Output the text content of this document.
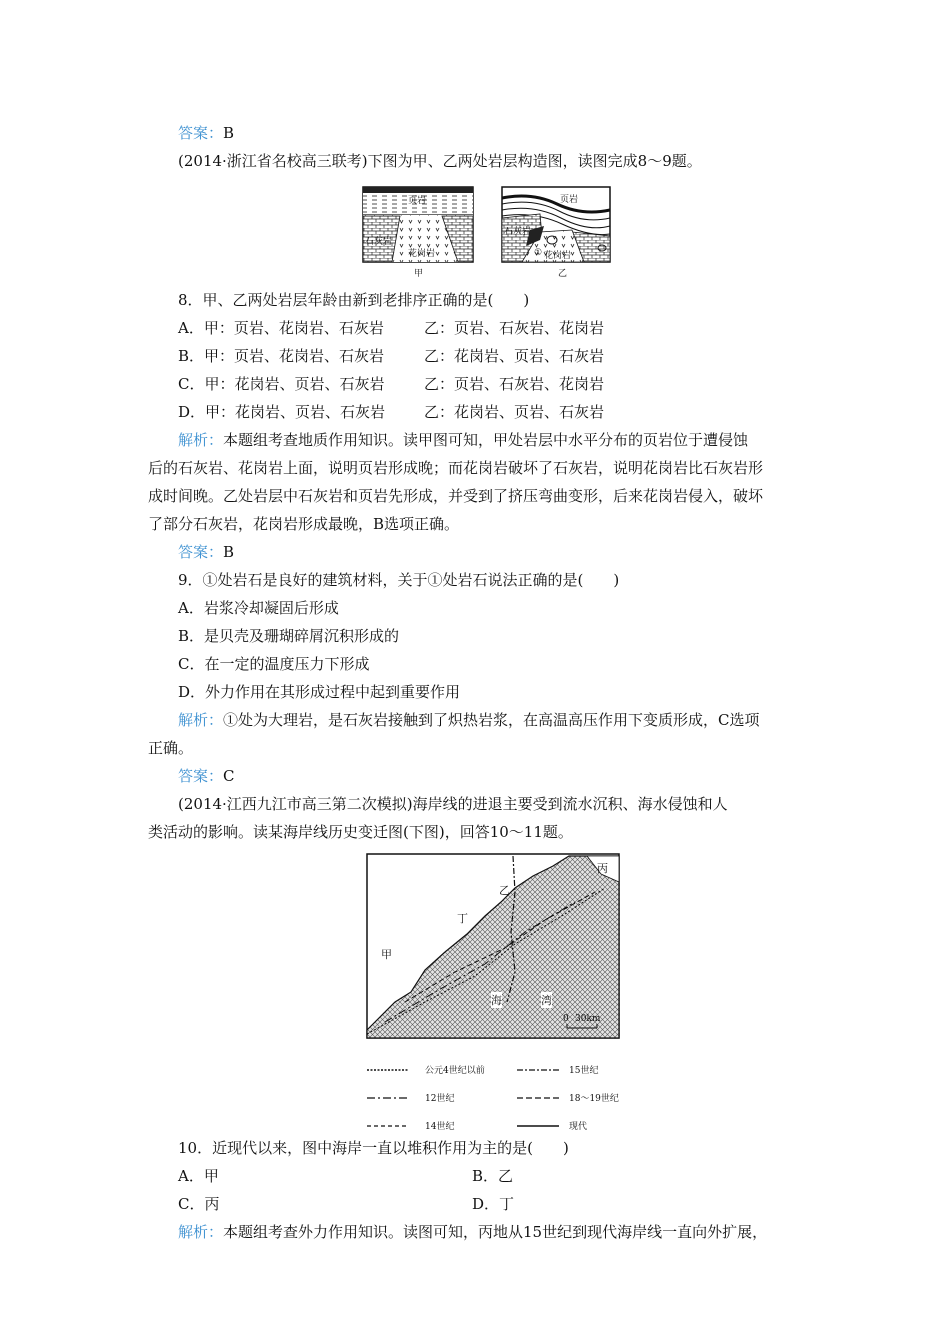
答案：B
(2014·浙江省名校高三联考)下图为甲、乙两处岩层构造图，读图完成8～9题。
页岩
石灰岩
花岗岩
页岩
石灰岩
① 花岗岩
甲	乙
8．甲、乙两处岩层年龄由新到老排序正确的是(　　)
A．甲：页岩、花岗岩、石灰岩	乙：页岩、石灰岩、花岗岩
B．甲：页岩、花岗岩、石灰岩	乙：花岗岩、页岩、石灰岩
C．甲：花岗岩、页岩、石灰岩	乙：页岩、石灰岩、花岗岩
D．甲：花岗岩、页岩、石灰岩	乙：花岗岩、页岩、石灰岩
解析：本题组考查地质作用知识。读甲图可知，甲处岩层中水平分布的页岩位于遭侵蚀
后的石灰岩、花岗岩上面，说明页岩形成晚；而花岗岩破坏了石灰岩，说明花岗岩比石灰岩形
成时间晚。乙处岩层中石灰岩和页岩先形成，并受到了挤压弯曲变形，后来花岗岩侵入，破坏
了部分石灰岩，花岗岩形成最晚，B选项正确。
答案：B
9．①处岩石是良好的建筑材料，关于①处岩石说法正确的是(　　)
A．岩浆冷却凝固后形成
B．是贝壳及珊瑚碎屑沉积形成的
C．在一定的温度压力下形成
D．外力作用在其形成过程中起到重要作用
解析：①处为大理岩，是石灰岩接触到了炽热岩浆，在高温高压作用下变质形成，C选项
正确。
答案：C
(2014·江西九江市高三第二次模拟)海岸线的进退主要受到流水沉积、海水侵蚀和人
类活动的影响。读某海岸线历史变迁图(下图)，回答10～11题。
甲
乙
丙
丁
海	湾
0 30km
公元4世纪以前	15世纪
12世纪	18～19世纪
14世纪	现代
10．近现代以来，图中海岸一直以堆积作用为主的是(　　)
A．甲	B．乙
C．丙	D．丁
解析：本题组考查外力作用知识。读图可知，丙地从15世纪到现代海岸线一直向外扩展，
